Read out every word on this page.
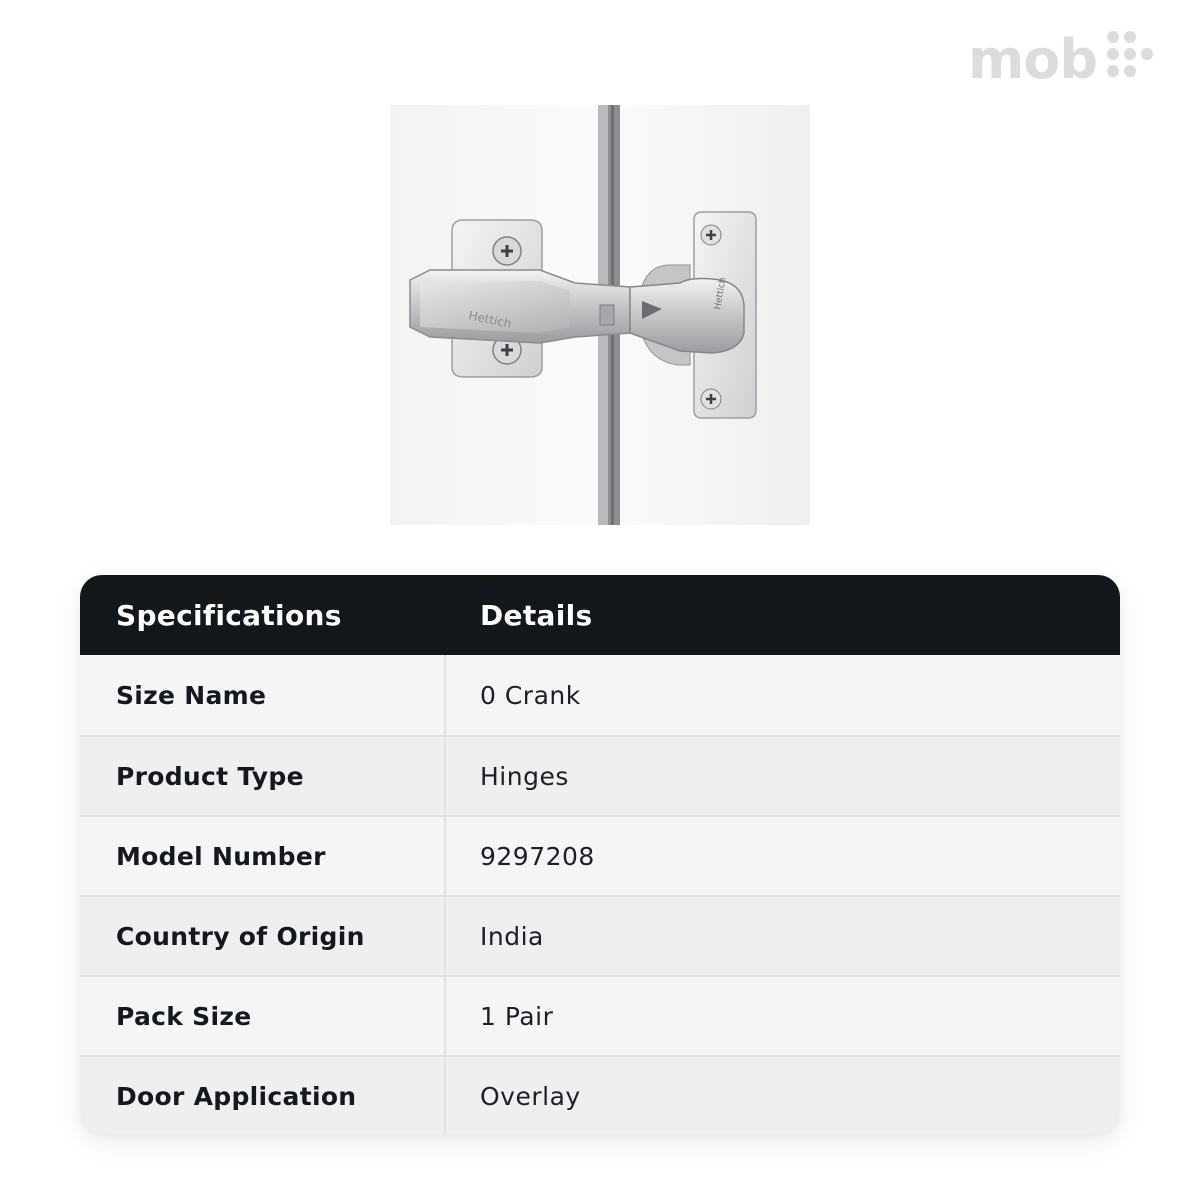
mob
Hettich
Hettich
Specifications	Details
Size Name	0 Crank
Product Type	Hinges
Model Number	9297208
Country of Origin	India
Pack Size	1 Pair
Door Application	Overlay
